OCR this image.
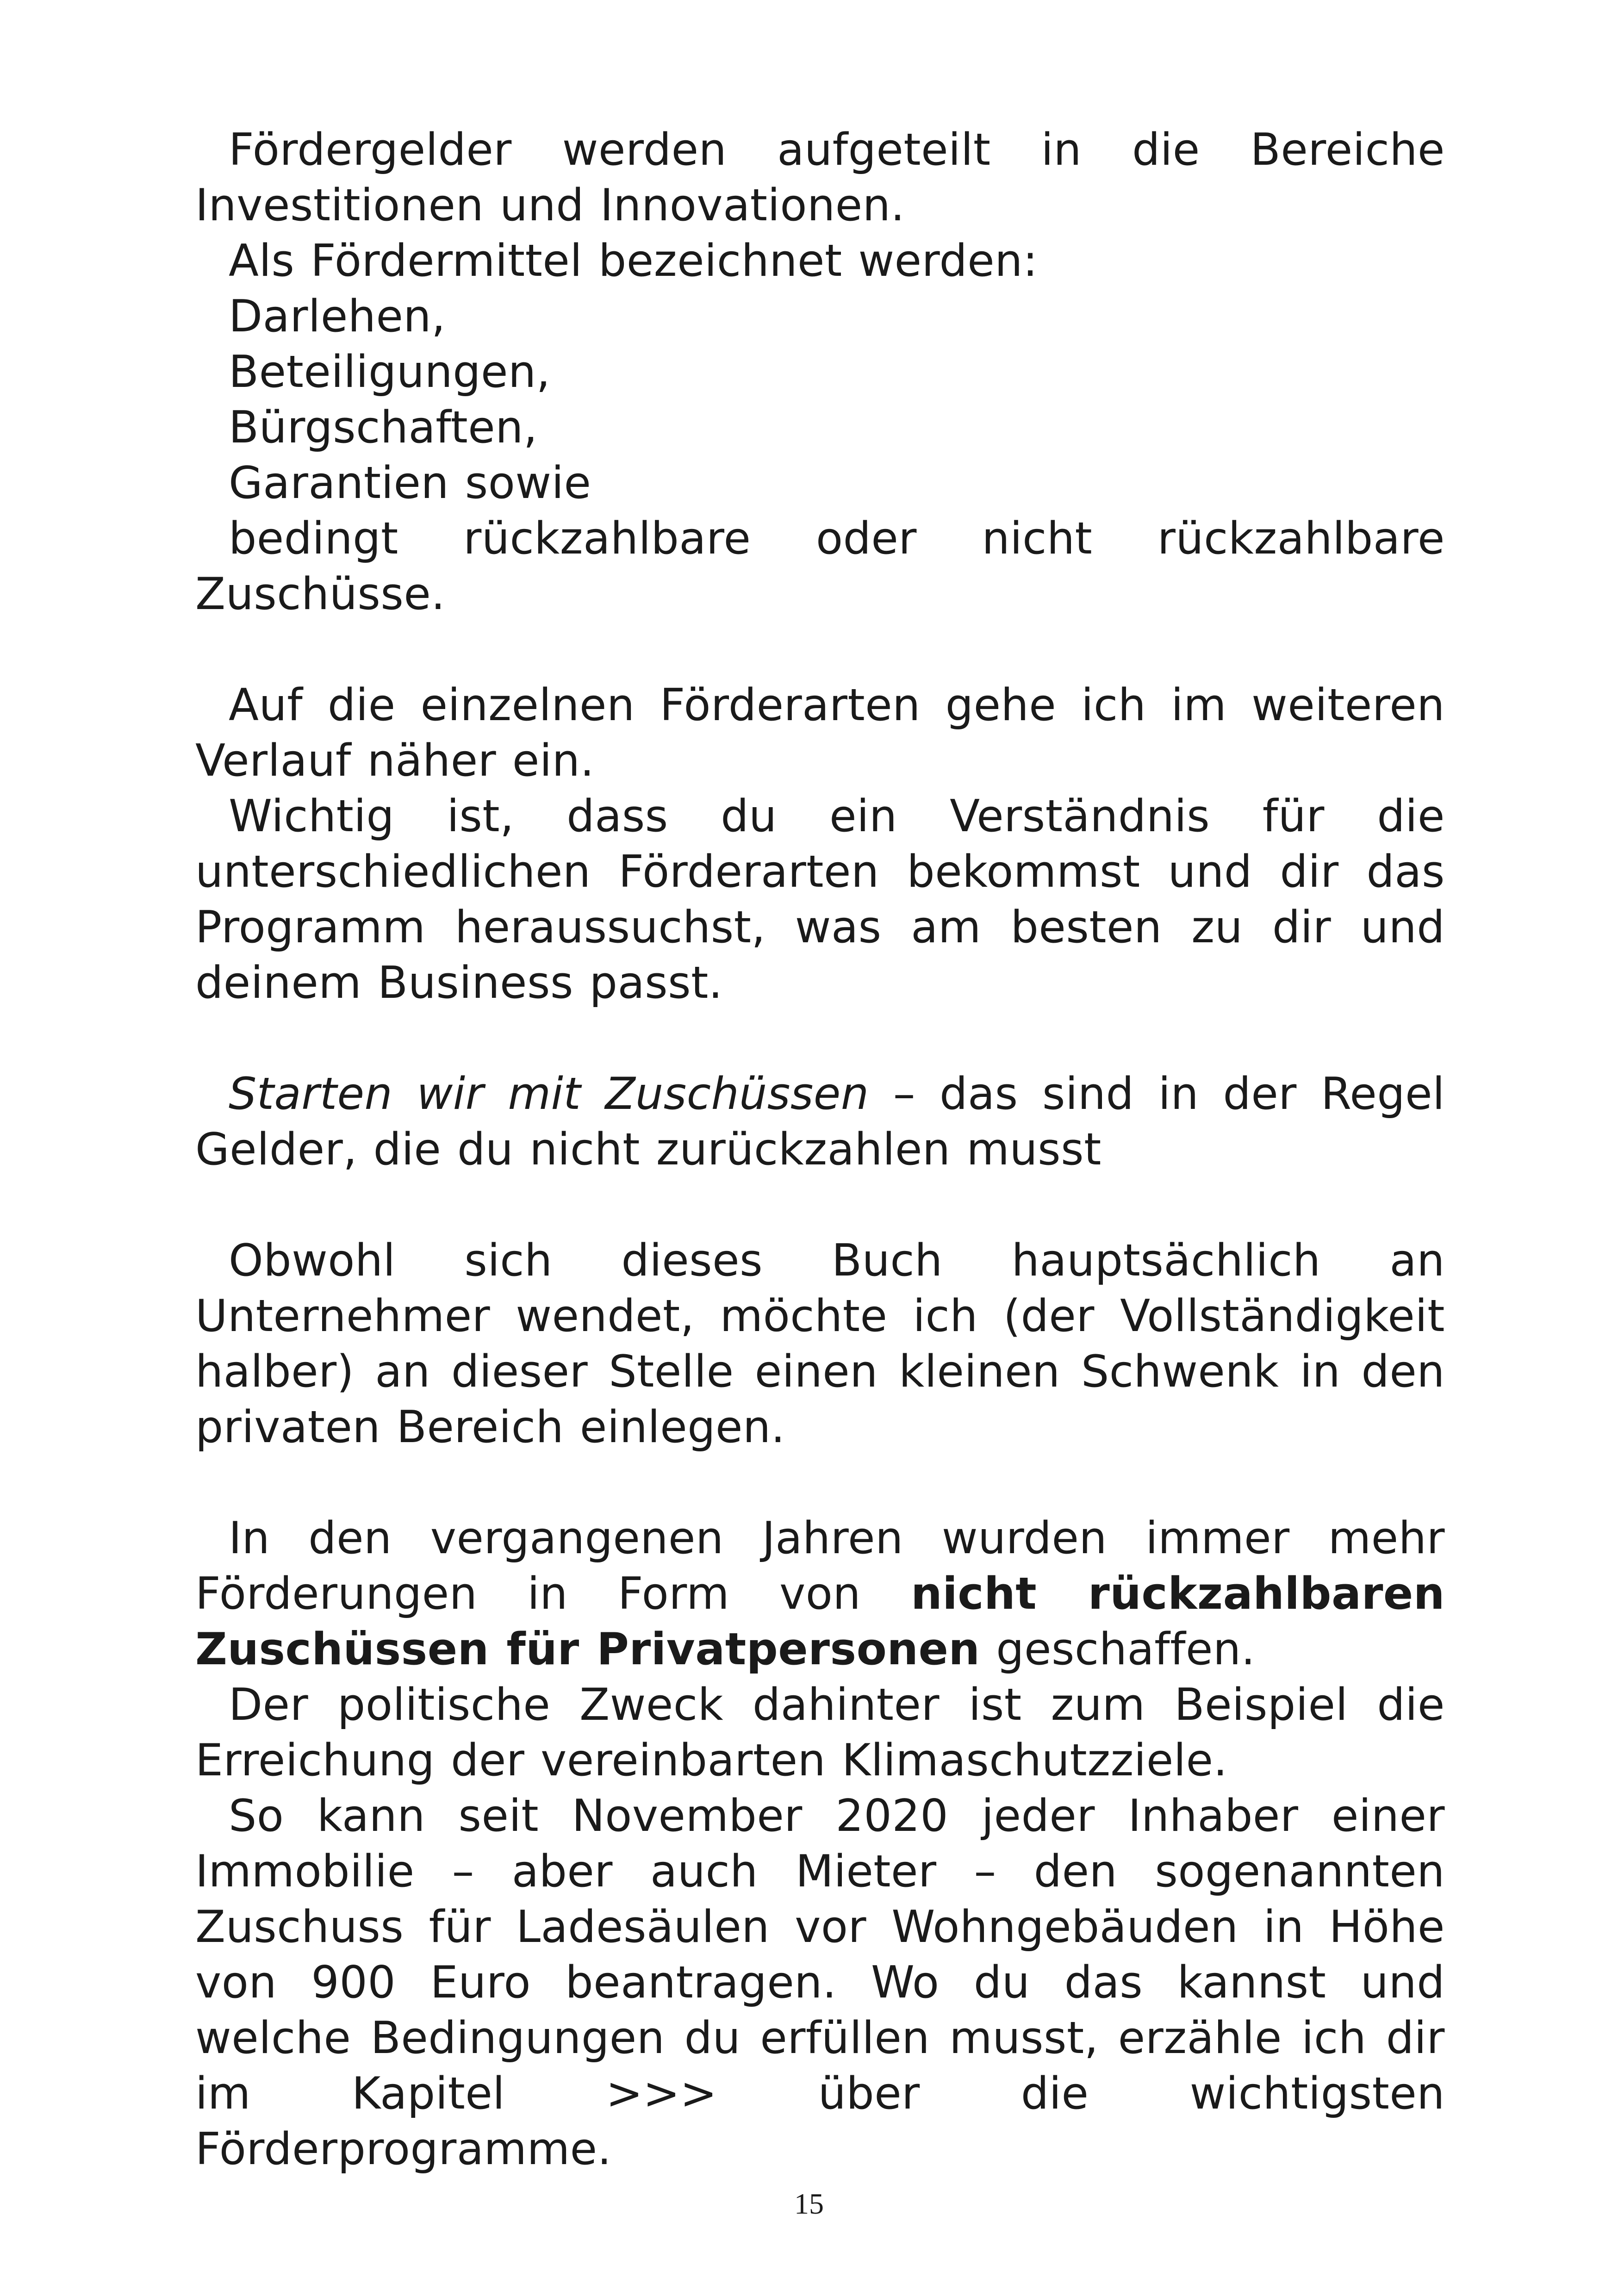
Fördergelder werden aufgeteilt in die Bereiche Investitionen und Innovationen.

Als Fördermittel bezeichnet werden:

Darlehen,

Beteiligungen,

Bürgschaften,

Garantien sowie

bedingt rückzahlbare oder nicht rückzahlbare Zuschüsse.

Auf die einzelnen Förderarten gehe ich im weiteren Verlauf näher ein.

Wichtig ist, dass du ein Verständnis für die unterschiedlichen Förderarten bekommst und dir das Programm heraussuchst, was am besten zu dir und deinem Business passt.

Starten wir mit Zuschüssen – das sind in der Regel Gelder, die du nicht zurückzahlen musst

Obwohl sich dieses Buch hauptsächlich an Unternehmer wendet, möchte ich (der Vollständigkeit halber) an dieser Stelle einen kleinen Schwenk in den privaten Bereich einlegen.

In den vergangenen Jahren wurden immer mehr Förderungen in Form von nicht rückzahlbaren Zuschüssen für Privatpersonen geschaffen.

Der politische Zweck dahinter ist zum Beispiel die Erreichung der vereinbarten Klimaschutzziele.

So kann seit November 2020 jeder Inhaber einer Immobilie – aber auch Mieter – den sogenannten Zuschuss für Ladesäulen vor Wohngebäuden in Höhe von 900 Euro beantragen. Wo du das kannst und welche Bedingungen du erfüllen musst, erzähle ich dir im Kapitel >>> über die wichtigsten Förderprogramme.

15
